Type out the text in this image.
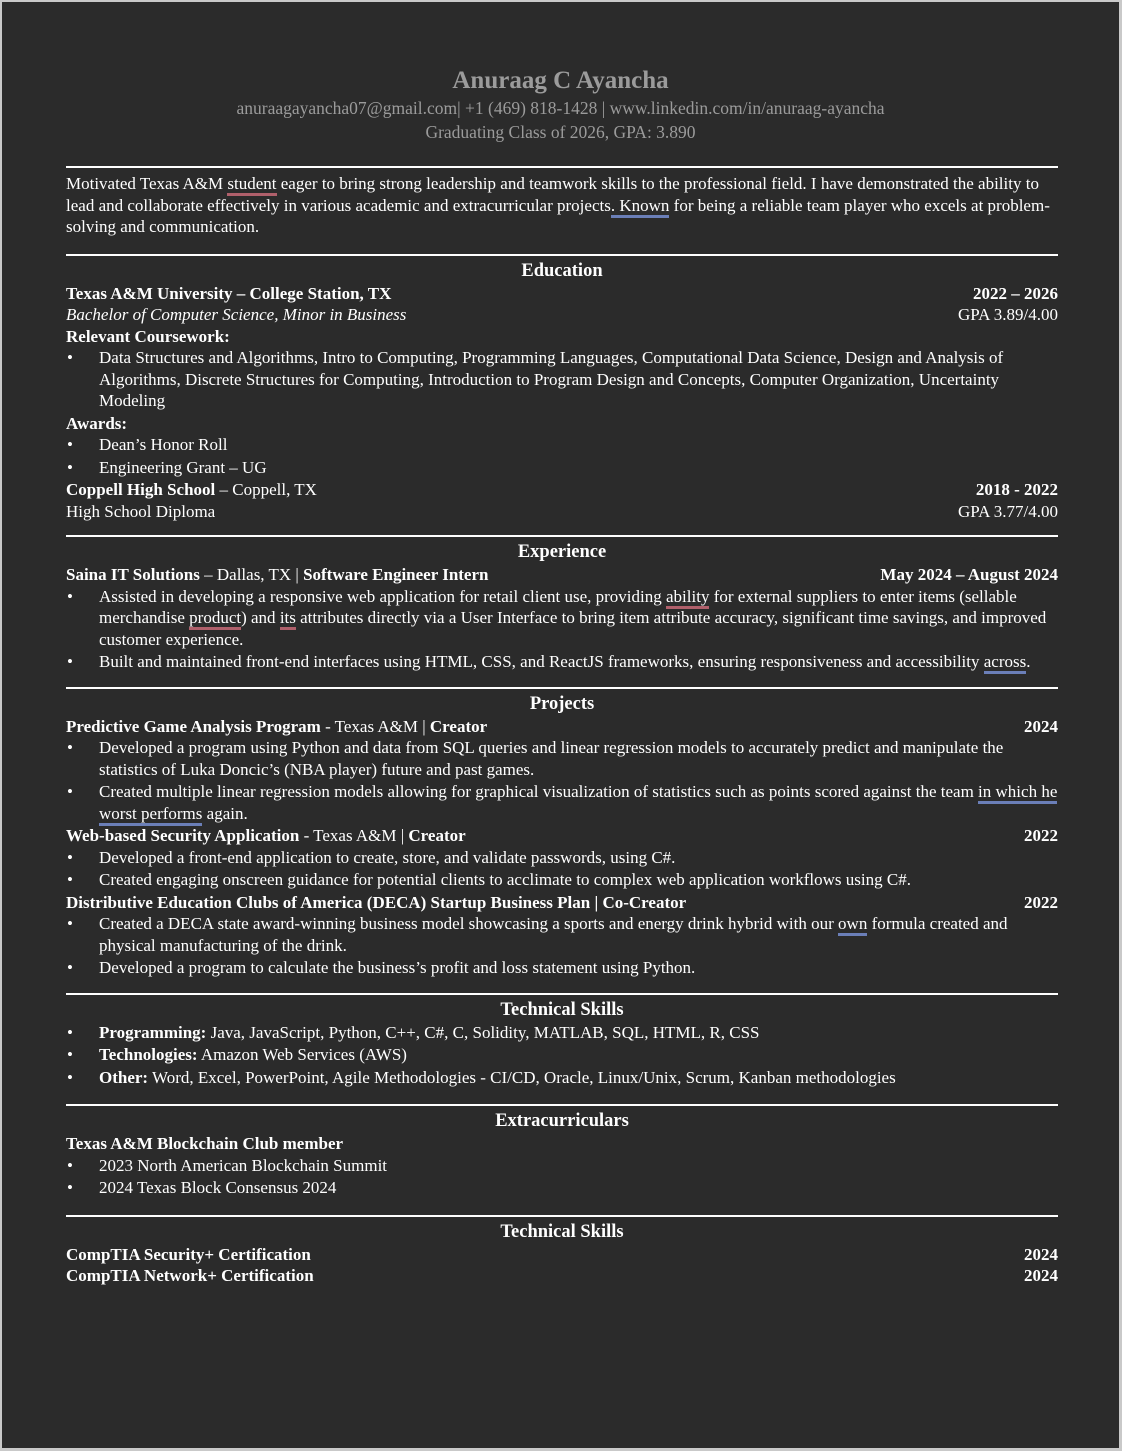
Anuraag C Ayancha
anuraagayancha07@gmail.com| +1 (469) 818-1428 | www.linkedin.com/in/anuraag-ayancha
Graduating Class of 2026, GPA: 3.890
Motivated Texas A&M student eager to bring strong leadership and teamwork skills to the professional field. I have demonstrated the ability to lead and collaborate effectively in various academic and extracurricular projects. Known for being a reliable team player who excels at problem-solving and communication.
Education
Texas A&M University – College Station, TX	2022 – 2026
Bachelor of Computer Science, Minor in Business	GPA 3.89/4.00
Relevant Coursework:
• Data Structures and Algorithms, Intro to Computing, Programming Languages, Computational Data Science, Design and Analysis of Algorithms, Discrete Structures for Computing, Introduction to Program Design and Concepts, Computer Organization, Uncertainty Modeling
Awards:
• Dean’s Honor Roll
• Engineering Grant – UG
Coppell High School – Coppell, TX	2018 - 2022
High School Diploma	GPA 3.77/4.00
Experience
Saina IT Solutions – Dallas, TX | Software Engineer Intern	May 2024 – August 2024
• Assisted in developing a responsive web application for retail client use, providing ability for external suppliers to enter items (sellable merchandise product) and its attributes directly via a User Interface to bring item attribute accuracy, significant time savings, and improved customer experience.
• Built and maintained front-end interfaces using HTML, CSS, and ReactJS frameworks, ensuring responsiveness and accessibility across.
Projects
Predictive Game Analysis Program - Texas A&M | Creator	2024
• Developed a program using Python and data from SQL queries and linear regression models to accurately predict and manipulate the statistics of Luka Doncic’s (NBA player) future and past games.
• Created multiple linear regression models allowing for graphical visualization of statistics such as points scored against the team in which he worst performs again.
Web-based Security Application - Texas A&M | Creator	2022
• Developed a front-end application to create, store, and validate passwords, using C#.
• Created engaging onscreen guidance for potential clients to acclimate to complex web application workflows using C#.
Distributive Education Clubs of America (DECA) Startup Business Plan | Co-Creator	2022
• Created a DECA state award-winning business model showcasing a sports and energy drink hybrid with our own formula created and physical manufacturing of the drink.
• Developed a program to calculate the business’s profit and loss statement using Python.
Technical Skills
• Programming: Java, JavaScript, Python, C++, C#, C, Solidity, MATLAB, SQL, HTML, R, CSS
• Technologies: Amazon Web Services (AWS)
• Other: Word, Excel, PowerPoint, Agile Methodologies - CI/CD, Oracle, Linux/Unix, Scrum, Kanban methodologies
Extracurriculars
Texas A&M Blockchain Club member
• 2023 North American Blockchain Summit
• 2024 Texas Block Consensus 2024
Technical Skills
CompTIA Security+ Certification	2024
CompTIA Network+ Certification	2024
